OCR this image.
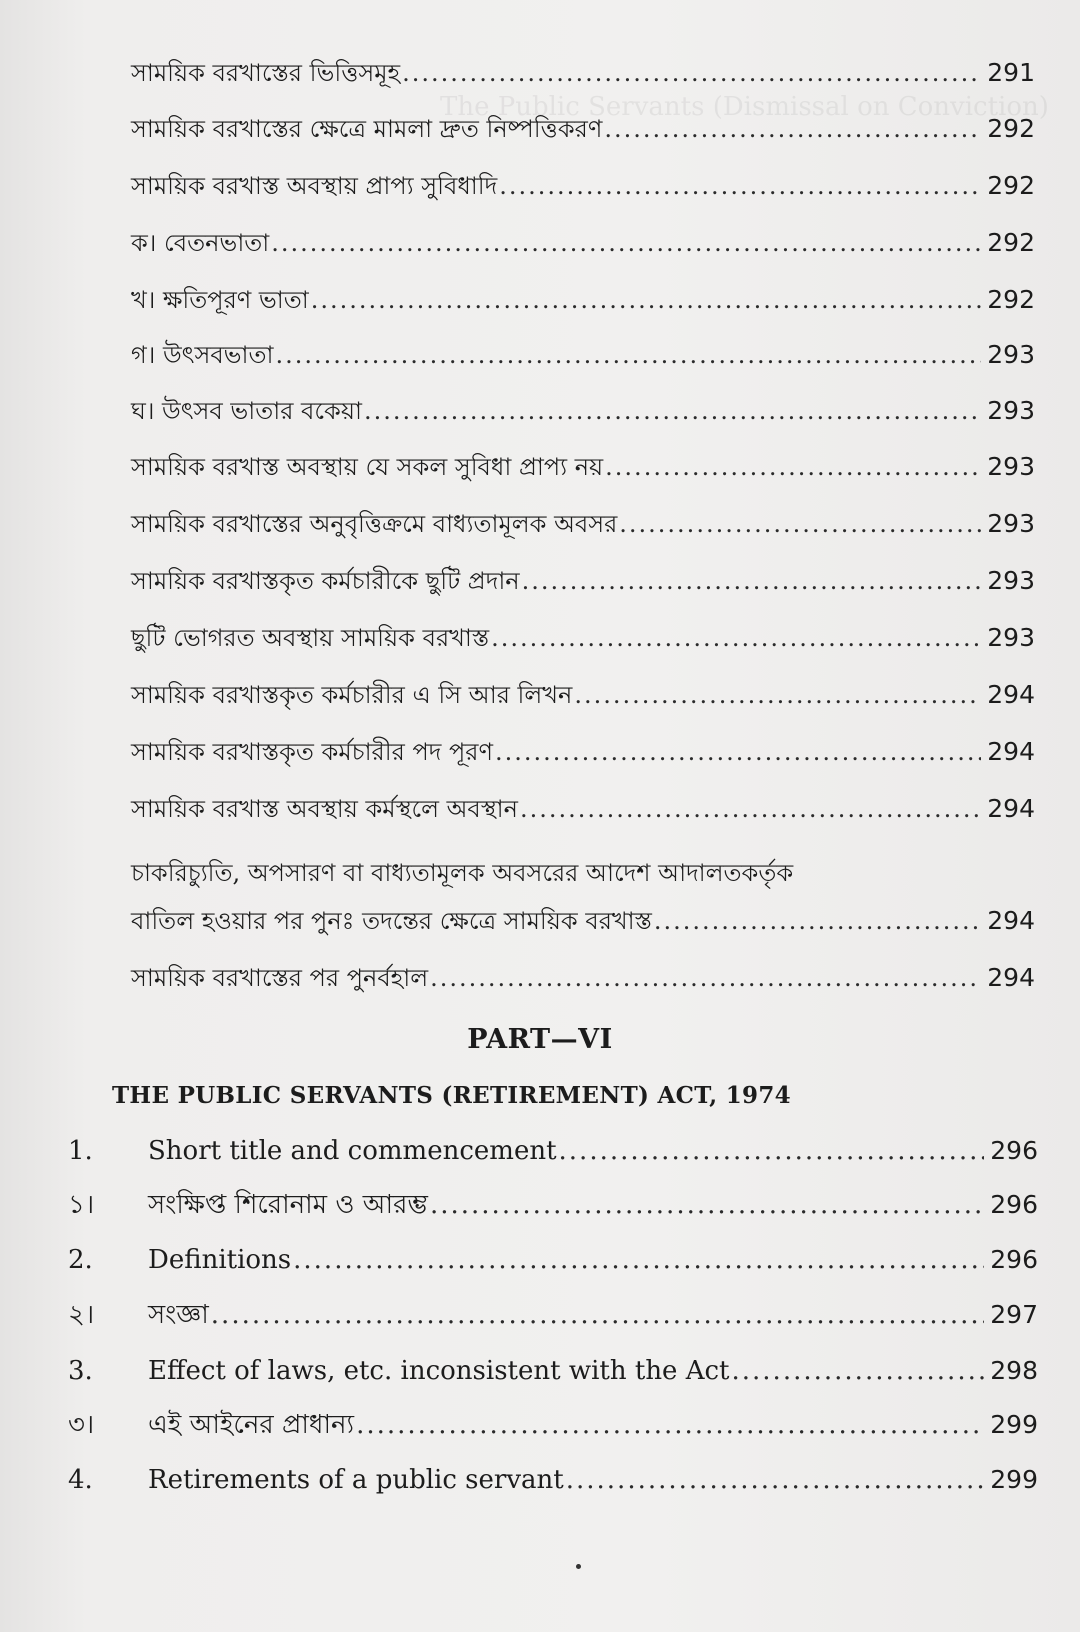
The Public Servants (Dismissal on Conviction)
সাময়িক বরখাস্তের ভিত্তিসমূহ .....	291
সাময়িক বরখাস্তের ক্ষেত্রে মামলা দ্রুত নিষ্পত্তিকরণ .....	292
সাময়িক বরখাস্ত অবস্থায় প্রাপ্য সুবিধাদি .....	292
ক। বেতনভাতা .....	292
খ। ক্ষতিপূরণ ভাতা .....	292
গ। উৎসবভাতা .....	293
ঘ। উৎসব ভাতার বকেয়া .....	293
সাময়িক বরখাস্ত অবস্থায় যে সকল সুবিধা প্রাপ্য নয় .....	293
সাময়িক বরখাস্তের অনুবৃত্তিক্রমে বাধ্যতামূলক অবসর .....	293
সাময়িক বরখাস্তকৃত কর্মচারীকে ছুটি প্রদান .....	293
ছুটি ভোগরত অবস্থায় সাময়িক বরখাস্ত .....	293
সাময়িক বরখাস্তকৃত কর্মচারীর এ সি আর লিখন .....	294
সাময়িক বরখাস্তকৃত কর্মচারীর পদ পূরণ .....	294
সাময়িক বরখাস্ত অবস্থায় কর্মস্থলে অবস্থান .....	294
চাকরিচ্যুতি, অপসারণ বা বাধ্যতামূলক অবসরের আদেশ আদালতকর্তৃক
বাতিল হওয়ার পর পুনঃ তদন্তের ক্ষেত্রে সাময়িক বরখাস্ত .....	294
সাময়িক বরখাস্তের পর পুনর্বহাল .....	294
PART—VI
THE PUBLIC SERVANTS (RETIREMENT) ACT, 1974
1. Short title and commencement .....	296
১। সংক্ষিপ্ত শিরোনাম ও আরম্ভ .....	296
2. Definitions .....	296
২। সংজ্ঞা .....	297
3. Effect of laws, etc. inconsistent with the Act .....	298
৩। এই আইনের প্রাধান্য .....	299
4. Retirements of a public servant .....	299
